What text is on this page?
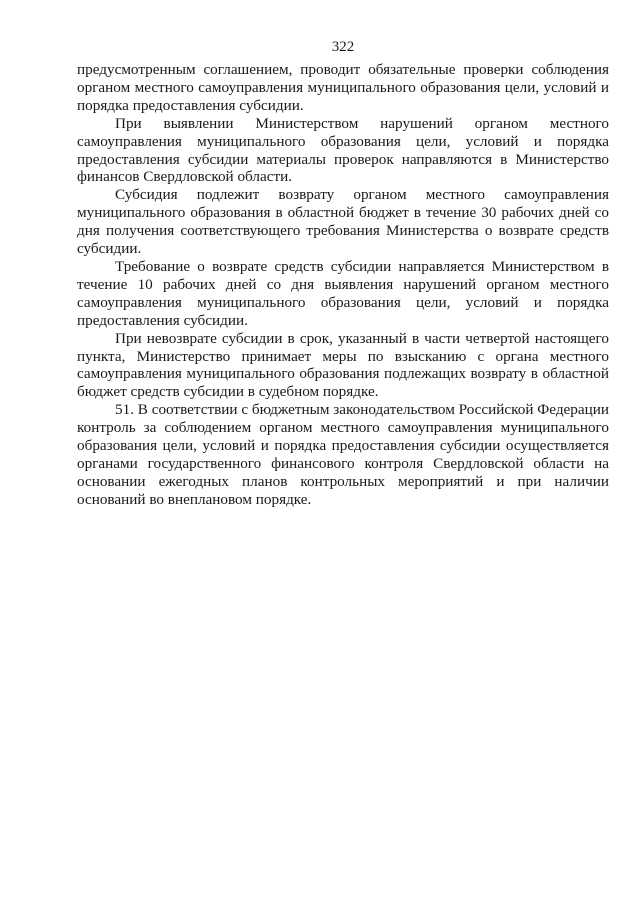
322

предусмотренным соглашением, проводит обязательные проверки соблюдения органом местного самоуправления муниципального образования цели, условий и порядка предоставления субсидии.

При выявлении Министерством нарушений органом местного самоуправления муниципального образования цели, условий и порядка предоставления субсидии материалы проверок направляются в Министерство финансов Свердловской области.

Субсидия подлежит возврату органом местного самоуправления муниципального образования в областной бюджет в течение 30 рабочих дней со дня получения соответствующего требования Министерства о возврате средств субсидии.

Требование о возврате средств субсидии направляется Министерством в течение 10 рабочих дней со дня выявления нарушений органом местного самоуправления муниципального образования цели, условий и порядка предоставления субсидии.

При невозврате субсидии в срок, указанный в части четвертой настоящего пункта, Министерство принимает меры по взысканию с органа местного самоуправления муниципального образования подлежащих возврату в областной бюджет средств субсидии в судебном порядке.

51. В соответствии с бюджетным законодательством Российской Федерации контроль за соблюдением органом местного самоуправления муниципального образования цели, условий и порядка предоставления субсидии осуществляется органами государственного финансового контроля Свердловской области на основании ежегодных планов контрольных мероприятий и при наличии оснований во внеплановом порядке.
